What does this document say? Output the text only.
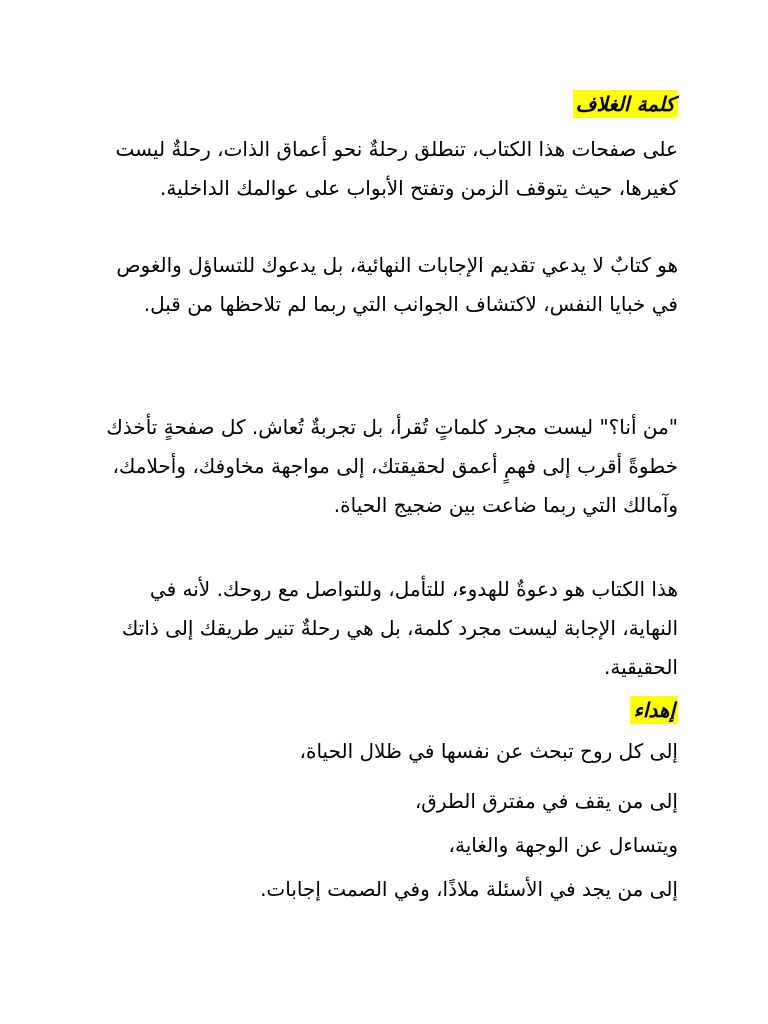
كلمة الغلاف

على صفحات هذا الكتاب، تنطلق رحلةٌ نحو أعماق الذات، رحلةٌ ليست كغيرها، حيث يتوقف الزمن وتفتح الأبواب على عوالمك الداخلية.

هو كتابٌ لا يدعي تقديم الإجابات النهائية، بل يدعوك للتساؤل والغوص في خبايا النفس، لاكتشاف الجوانب التي ربما لم تلاحظها من قبل.

"من أنا؟" ليست مجرد كلماتٍ تُقرأ، بل تجربةٌ تُعاش. كل صفحةٍ تأخذك خطوةً أقرب إلى فهمٍ أعمق لحقيقتك، إلى مواجهة مخاوفك، وأحلامك، وآمالك التي ربما ضاعت بين ضجيج الحياة.

هذا الكتاب هو دعوةٌ للهدوء، للتأمل، وللتواصل مع روحك. لأنه في النهاية، الإجابة ليست مجرد كلمة، بل هي رحلةٌ تنير طريقك إلى ذاتك الحقيقية.

إهداء
إلى كل روح تبحث عن نفسها في ظلال الحياة،
إلى من يقف في مفترق الطرق،
ويتساءل عن الوجهة والغاية،
إلى من يجد في الأسئلة ملاذًا، وفي الصمت إجابات.
